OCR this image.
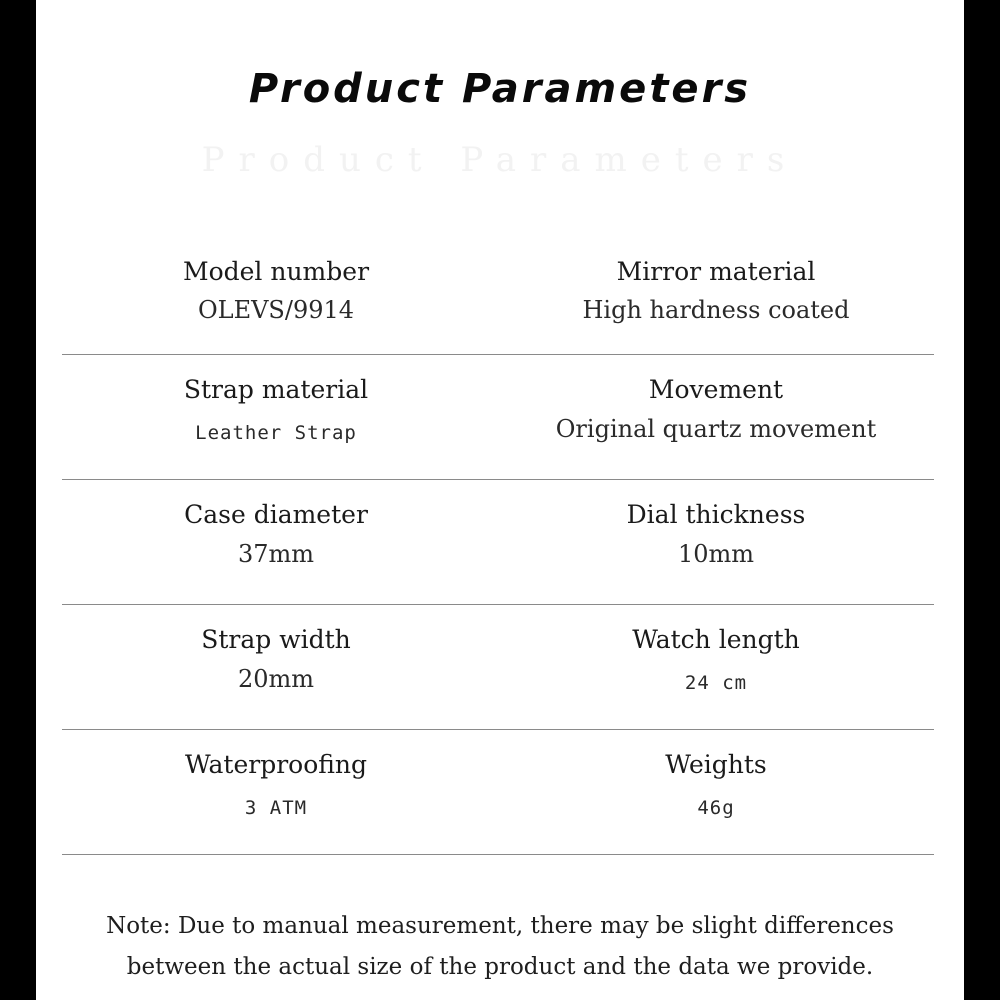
Product Parameters
Product Parameters
Model number
OLEVS/9914
Mirror material
High hardness coated
Strap material
Leather Strap
Movement
Original quartz movement
Case diameter
37mm
Dial thickness
10mm
Strap width
20mm
Watch length
24 cm
Waterproofing
3 ATM
Weights
46g
Note: Due to manual measurement, there may be slight differences
between the actual size of the product and the data we provide.
